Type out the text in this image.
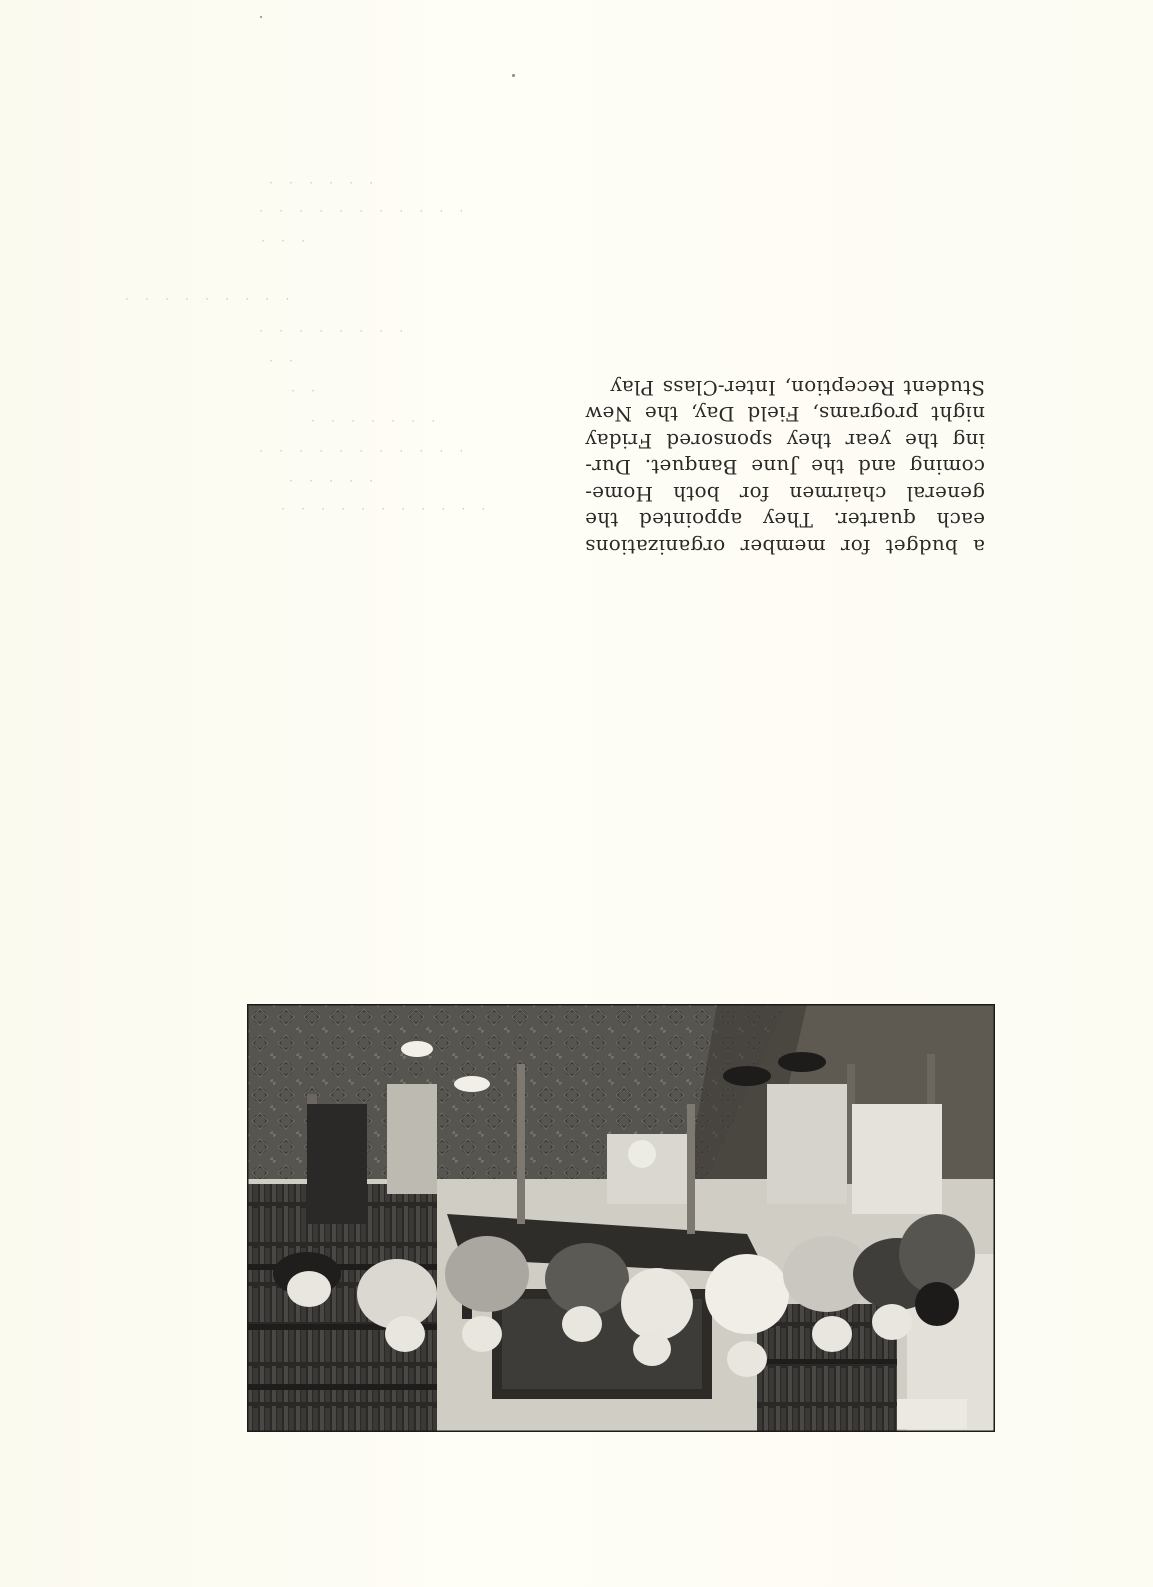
· · · · · ·
· · · · · · · · · · ·
· · ·
· · · · · · · · ·
· · · · · · · ·
· ·
· ·
· · · · · · ·
· · · · · · · · · · ·
· · · · ·
· · · · · · · · · · ·

a budget for member organizations
each quarter. They appointed the
general chairmen for both Home-
coming and the June Banquet. Dur-
ing the year they sponsored Friday
night programs, Field Day, the New
Student Reception, Inter-Class Play
